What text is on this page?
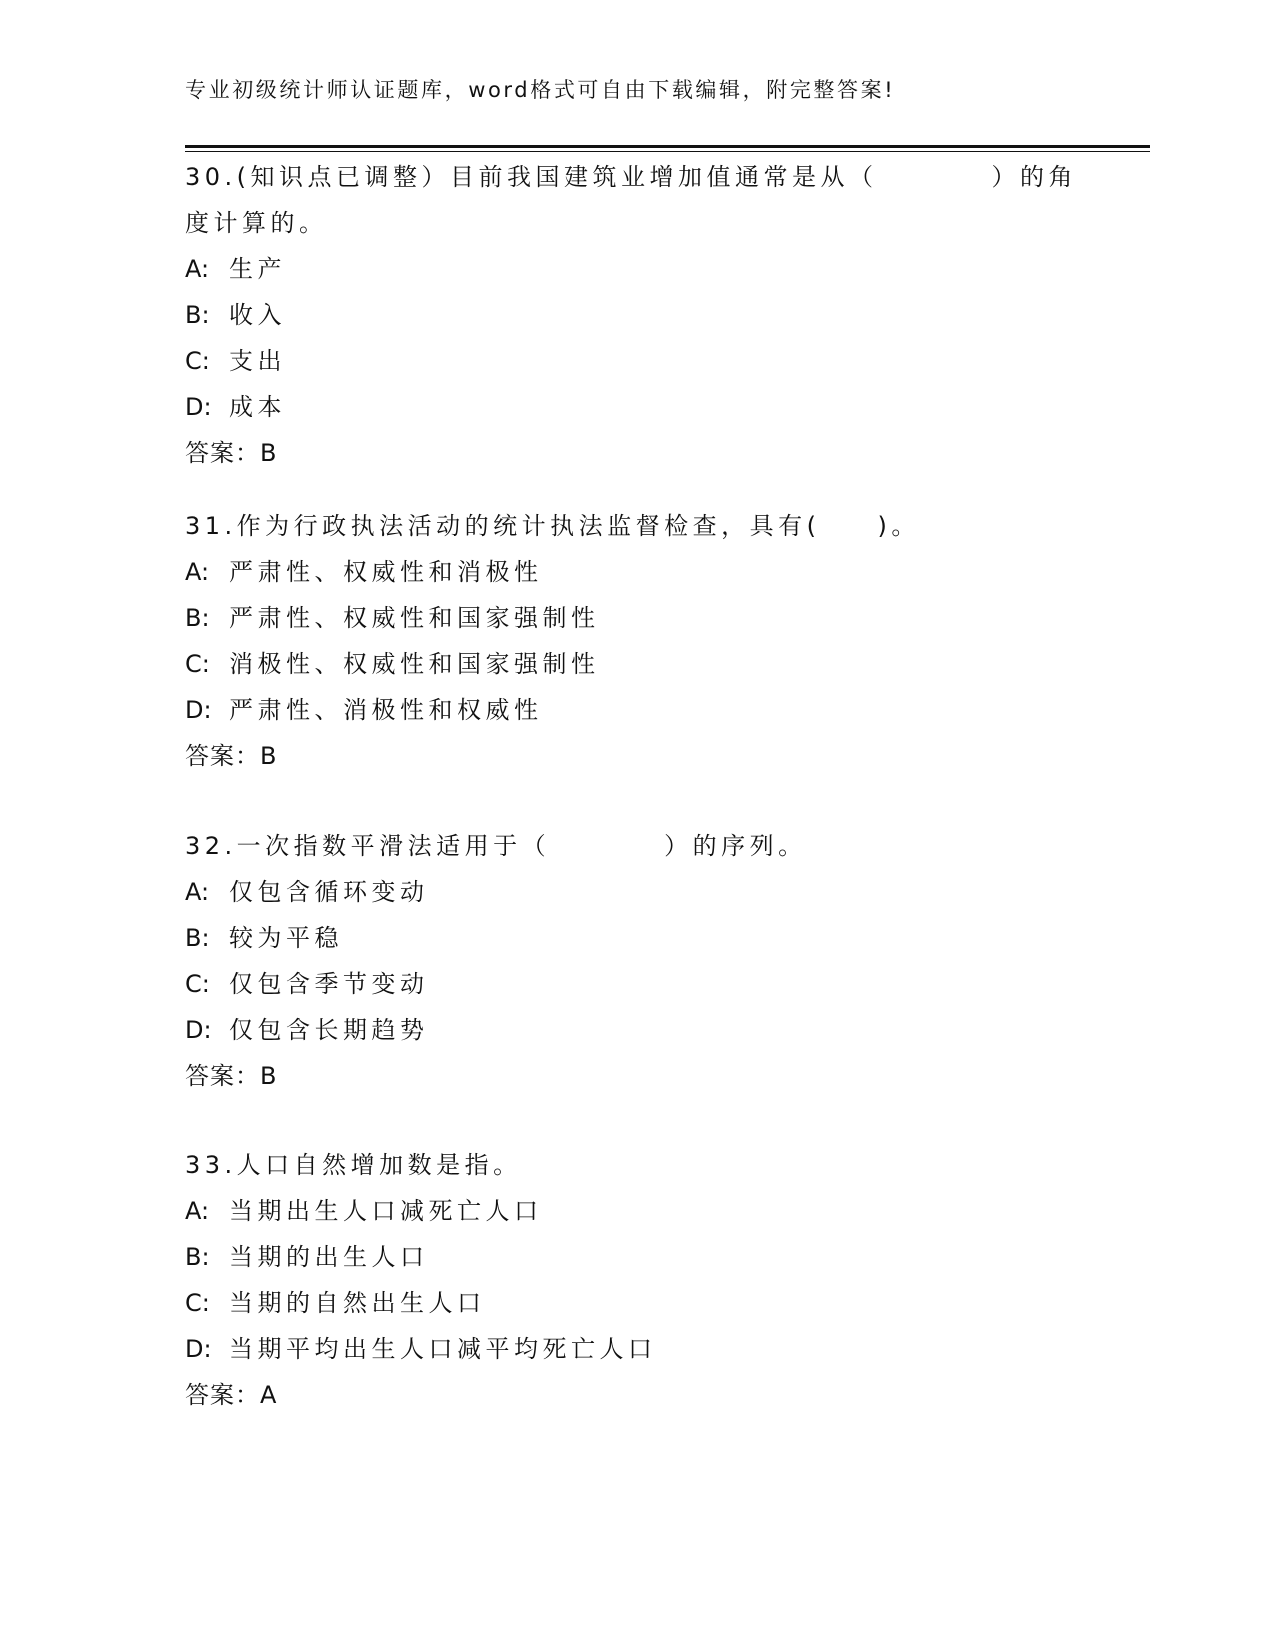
专业初级统计师认证题库，word格式可自由下载编辑，附完整答案!
30.(知识点已调整）目前我国建筑业增加值通常是从（　　　　）的角
度计算的。
A: 生产
B: 收入
C: 支出
D: 成本
答案：B
31.作为行政执法活动的统计执法监督检查，具有(　　)。
A: 严肃性、权威性和消极性
B: 严肃性、权威性和国家强制性
C: 消极性、权威性和国家强制性
D: 严肃性、消极性和权威性
答案：B
32.一次指数平滑法适用于（　　　　）的序列。
A: 仅包含循环变动
B: 较为平稳
C: 仅包含季节变动
D: 仅包含长期趋势
答案：B
33.人口自然增加数是指。
A: 当期出生人口减死亡人口
B: 当期的出生人口
C: 当期的自然出生人口
D: 当期平均出生人口减平均死亡人口
答案：A
